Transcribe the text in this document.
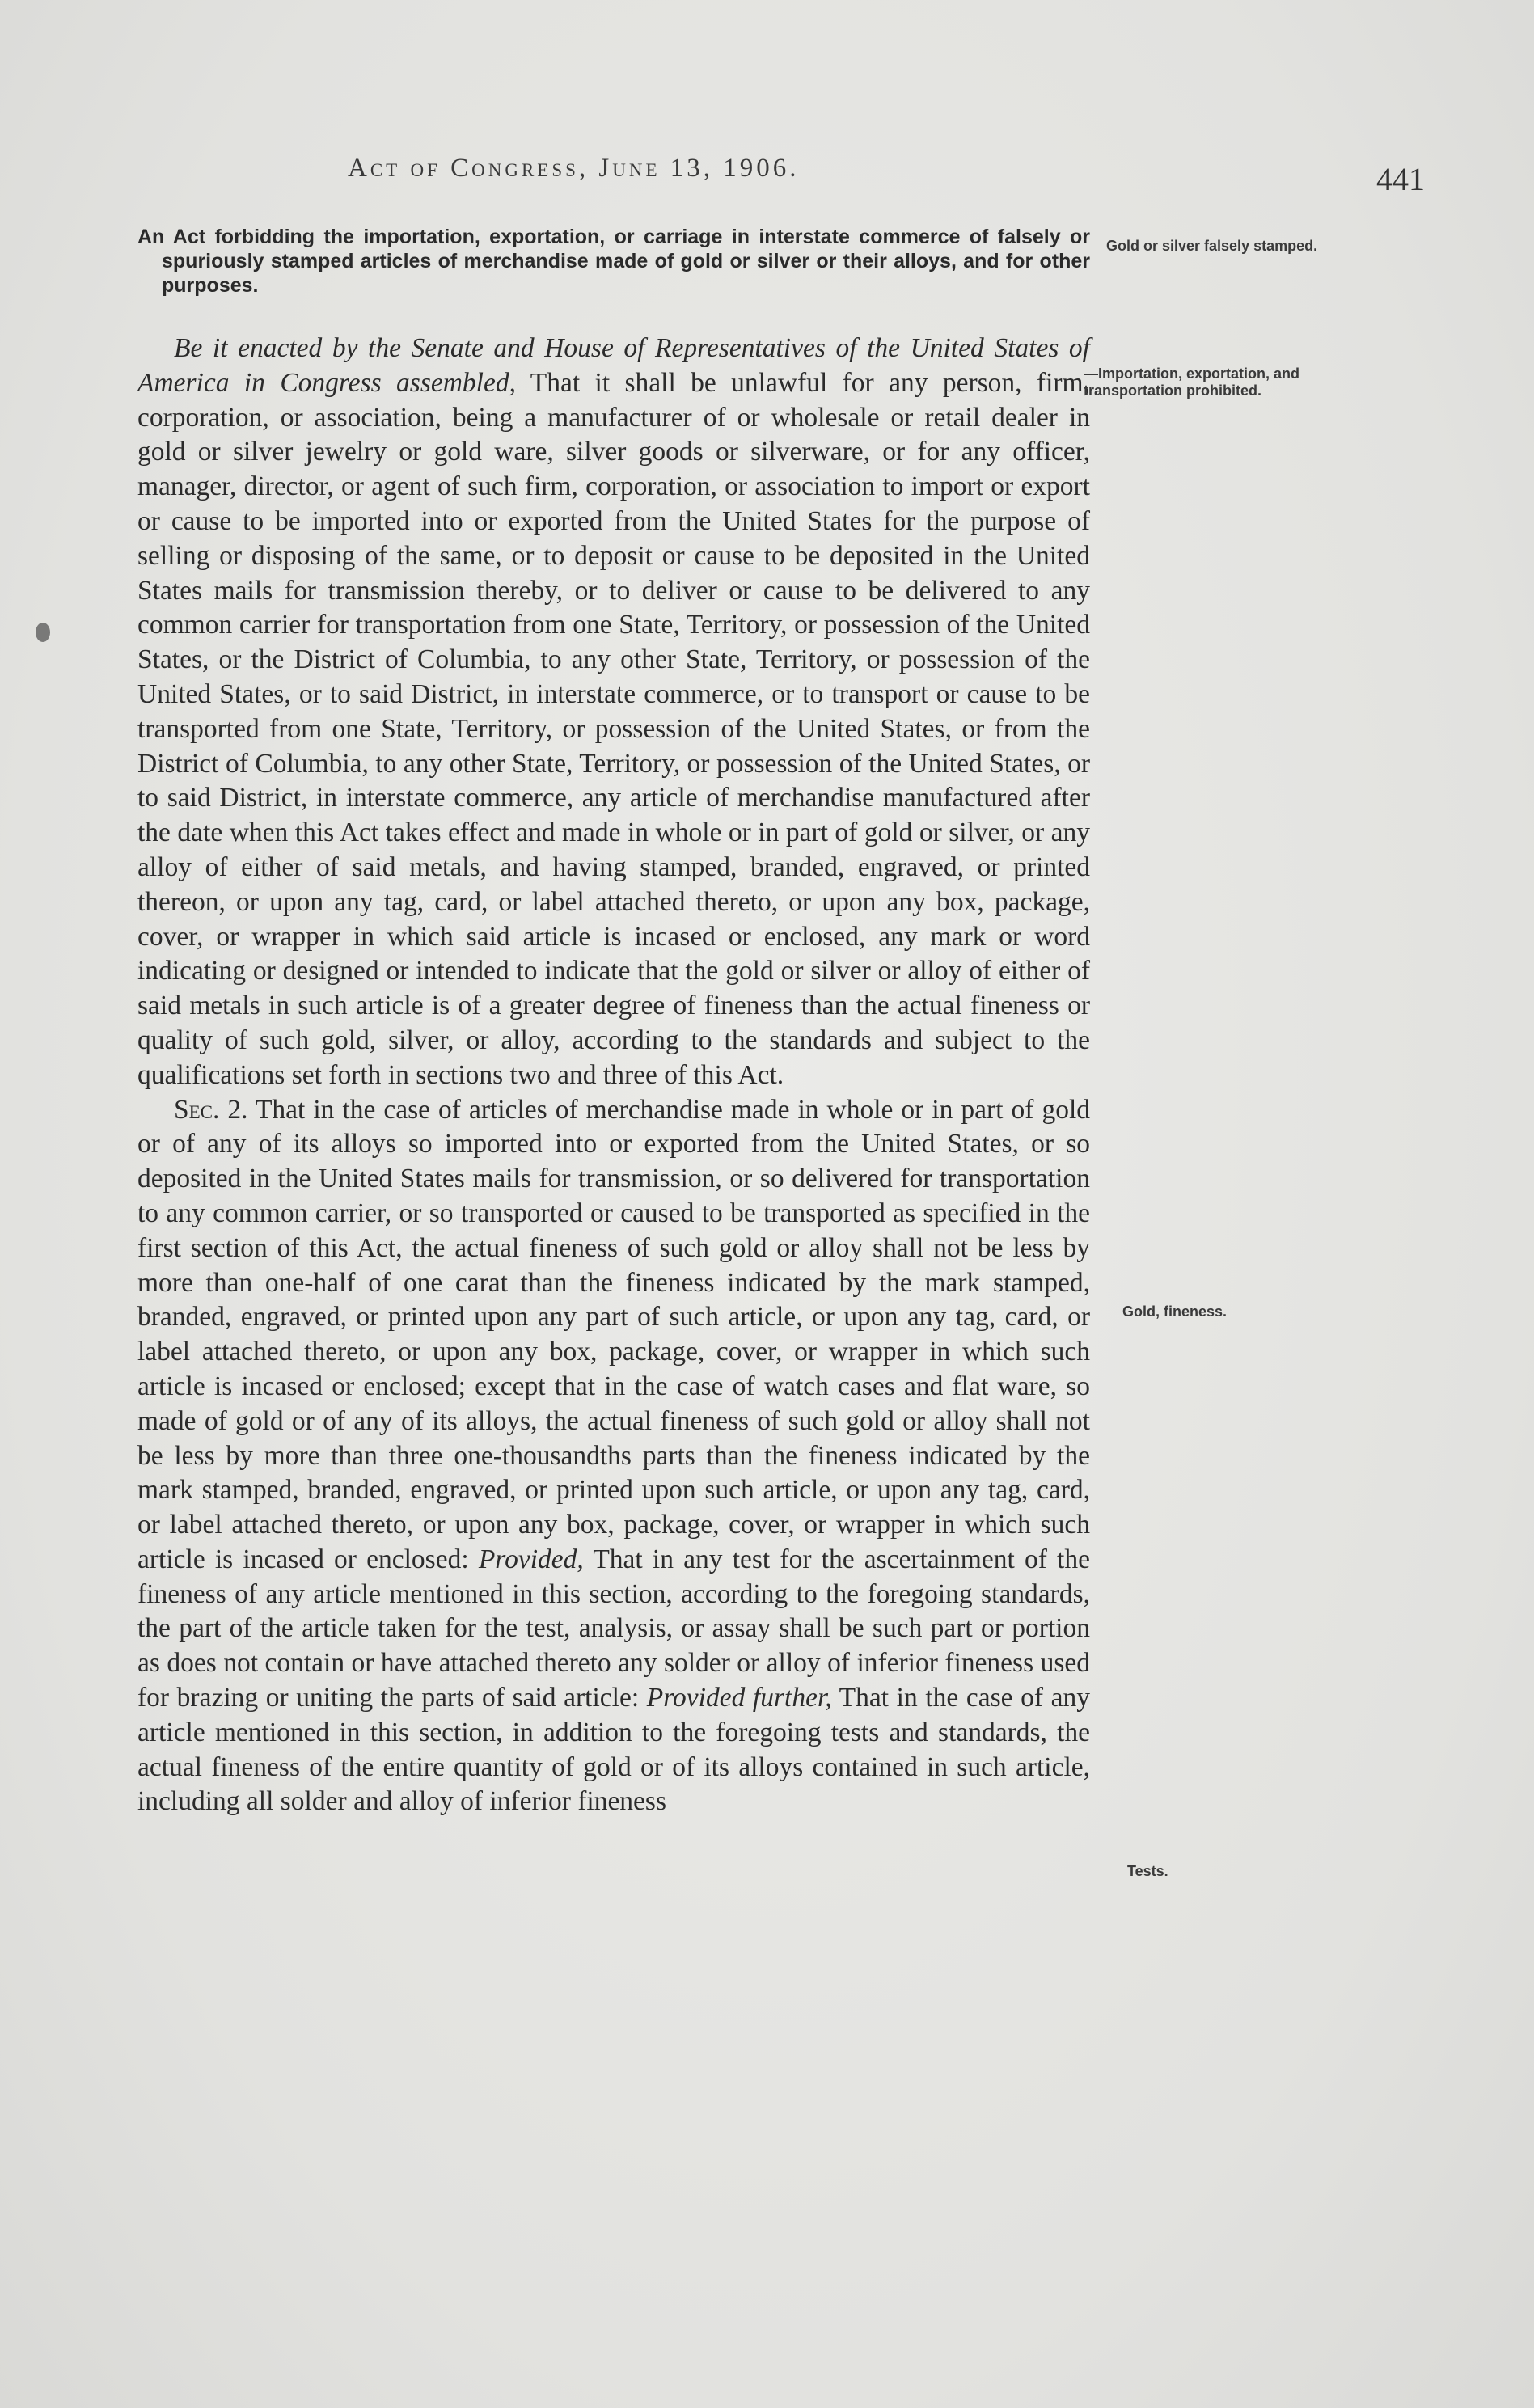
Act of Congress, June 13, 1906.	441

An Act forbidding the importation, exportation, or carriage in interstate commerce of falsely or spuriously stamped articles of merchandise made of gold or silver or their alloys, and for other purposes.

Be it enacted by the Senate and House of Representatives of the United States of America in Congress assembled, That it shall be unlawful for any person, firm, corporation, or association, being a manufacturer of or wholesale or retail dealer in gold or silver jewelry or gold ware, silver goods or silverware, or for any officer, manager, director, or agent of such firm, corporation, or association to import or export or cause to be imported into or exported from the United States for the purpose of selling or disposing of the same, or to deposit or cause to be deposited in the United States mails for transmission thereby, or to deliver or cause to be delivered to any common carrier for transportation from one State, Territory, or possession of the United States, or the District of Columbia, to any other State, Territory, or possession of the United States, or to said District, in interstate commerce, or to transport or cause to be transported from one State, Territory, or possession of the United States, or from the District of Columbia, to any other State, Territory, or possession of the United States, or to said District, in interstate commerce, any article of merchandise manufactured after the date when this Act takes effect and made in whole or in part of gold or silver, or any alloy of either of said metals, and having stamped, branded, engraved, or printed thereon, or upon any tag, card, or label attached thereto, or upon any box, package, cover, or wrapper in which said article is incased or enclosed, any mark or word indicating or designed or intended to indicate that the gold or silver or alloy of either of said metals in such article is of a greater degree of fineness than the actual fineness or quality of such gold, silver, or alloy, according to the standards and subject to the qualifications set forth in sections two and three of this Act.

Sec. 2. That in the case of articles of merchandise made in whole or in part of gold or of any of its alloys so imported into or exported from the United States, or so deposited in the United States mails for transmission, or so delivered for transportation to any common carrier, or so transported or caused to be transported as specified in the first section of this Act, the actual fineness of such gold or alloy shall not be less by more than one-half of one carat than the fineness indicated by the mark stamped, branded, engraved, or printed upon any part of such article, or upon any tag, card, or label attached thereto, or upon any box, package, cover, or wrapper in which such article is incased or enclosed; except that in the case of watch cases and flat ware, so made of gold or of any of its alloys, the actual fineness of such gold or alloy shall not be less by more than three one-thousandths parts than the fineness indicated by the mark stamped, branded, engraved, or printed upon such article, or upon any tag, card, or label attached thereto, or upon any box, package, cover, or wrapper in which such article is incased or enclosed: Provided, That in any test for the ascertainment of the fineness of any article mentioned in this section, according to the foregoing standards, the part of the article taken for the test, analysis, or assay shall be such part or portion as does not contain or have attached thereto any solder or alloy of inferior fineness used for brazing or uniting the parts of said article: Provided further, That in the case of any article mentioned in this section, in addition to the foregoing tests and standards, the actual fineness of the entire quantity of gold or of its alloys contained in such article, including all solder and alloy of inferior fineness

Gold or silver falsely stamped.
—Importation, exportation, and transportation prohibited.
Gold, fineness.
Tests.
